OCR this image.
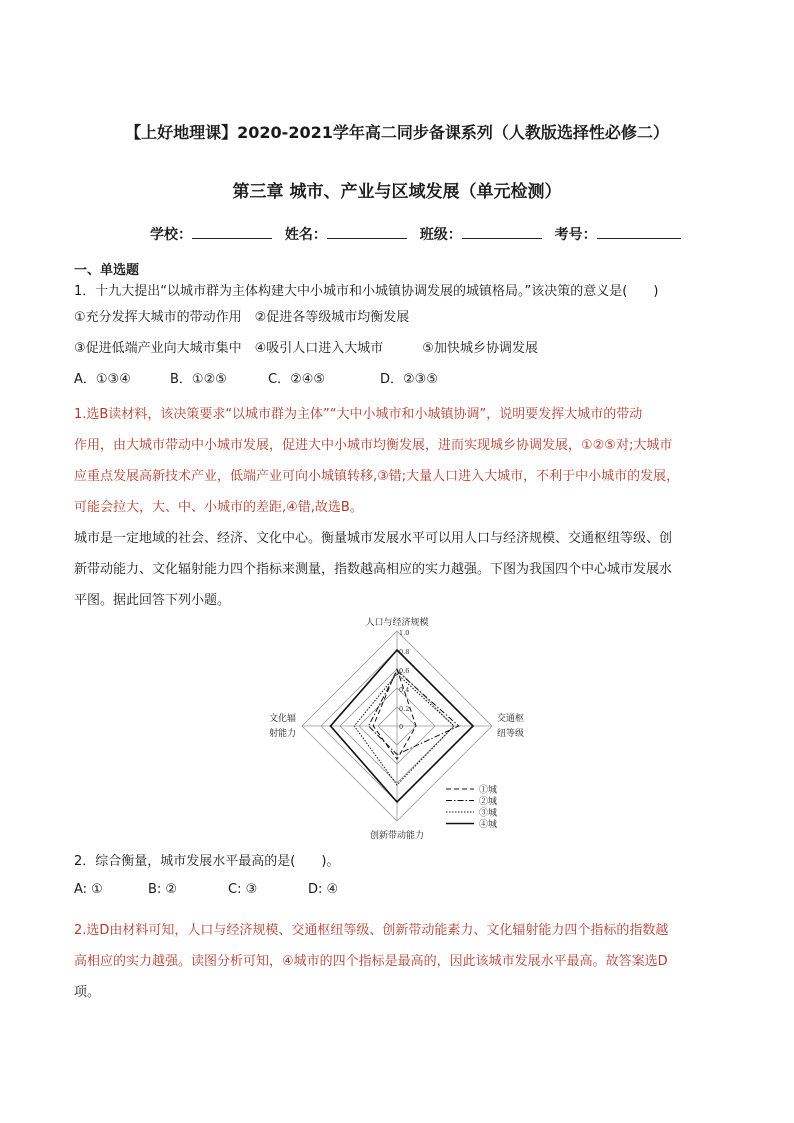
【上好地理课】2020-2021学年高二同步备课系列（人教版选择性必修二）
第三章 城市、产业与区域发展（单元检测）
学校：	姓名：	班级：	考号：
一、单选题
1．十九大提出“以城市群为主体构建大中小城市和小城镇协调发展的城镇格局。”该决策的意义是(　　)
①充分发挥大城市的带动作用　②促进各等级城市均衡发展
③促进低端产业向大城市集中　④吸引人口进入大城市　　　⑤加快城乡协调发展
A．①③④	B．①②⑤	C．②④⑤	D．②③⑤
1.选B读材料，该决策要求“以城市群为主体”“大中小城市和小城镇协调”，说明要发挥大城市的带动
作用，由大城市带动中小城市发展，促进大中小城市均衡发展，进而实现城乡协调发展，①②⑤对;大城市
应重点发展高新技术产业，低端产业可向小城镇转移,③错;大量人口进入大城市，不利于中小城市的发展，
可能会拉大，大、中、小城市的差距,④错,故选B。
城市是一定地域的社会、经济、文化中心。衡量城市发展水平可以用人口与经济规模、交通枢纽等级、创
新带动能力、文化辐射能力四个指标来测量，指数越高相应的实力越强。下图为我国四个中心城市发展水
平图。据此回答下列小题。
人口与经济规模
交通枢
纽等级
创新带动能力
文化辐
射能力
0
0.2
0.4
0.6
0.8
1.0
①城
②城
③城
④城
2．综合衡量，城市发展水平最高的是(　　)。
A: ①	B: ②	C: ③	D: ④
2.选D由材料可知，人口与经济规模、交通枢纽等级、创新带动能素力、文化辐射能力四个指标的指数越
高相应的实力越强。读图分析可知，④城市的四个指标是最高的，因此该城市发展水平最高。故答案选D
项。
